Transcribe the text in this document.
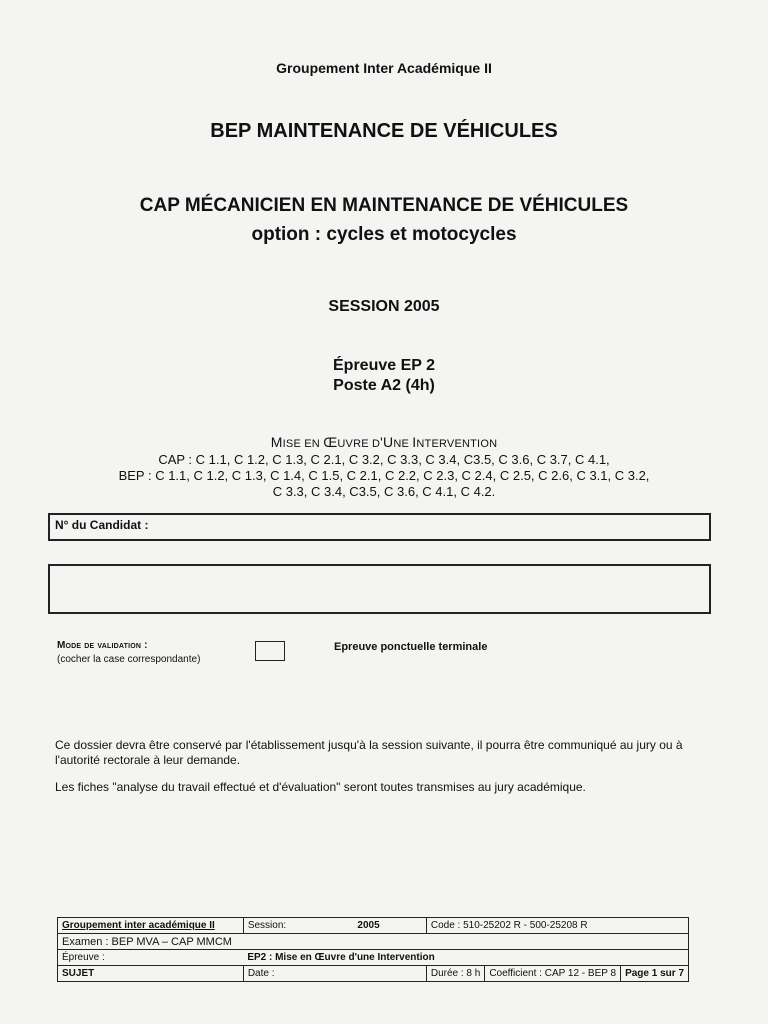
Groupement Inter Académique II
BEP MAINTENANCE DE VÉHICULES
CAP MÉCANICIEN EN MAINTENANCE DE VÉHICULES
option : cycles et motocycles
SESSION 2005
Épreuve EP 2
Poste A2 (4h)
MISE EN ŒUVRE D'UNE INTERVENTION
CAP : C 1.1, C 1.2, C 1.3, C 2.1, C 3.2, C 3.3, C 3.4, C3.5, C 3.6, C 3.7, C 4.1,
BEP : C 1.1, C 1.2, C 1.3, C 1.4, C 1.5, C 2.1, C 2.2, C 2.3, C 2.4, C 2.5, C 2.6, C 3.1, C 3.2,
C 3.3, C 3.4, C3.5, C 3.6, C 4.1, C 4.2.
N° du Candidat :
Mode de validation :
(cocher la case correspondante)
Epreuve ponctuelle terminale
Ce dossier devra être conservé par l'établissement jusqu'à la session suivante, il pourra être communiqué au jury ou à l'autorité rectorale à leur demande.
Les fiches "analyse du travail effectué et d'évaluation" seront toutes transmises au jury académique.
Groupement inter académique II	Session:	2005	Code : 510-25202 R - 500-25208 R		
Examen : BEP MVA – CAP MMCM					
Épreuve :	EP2 : Mise en Œuvre d'une Intervention				
SUJET	Date :		Durée : 8 h	Coefficient : CAP 12 - BEP 8	Page 1 sur 7
